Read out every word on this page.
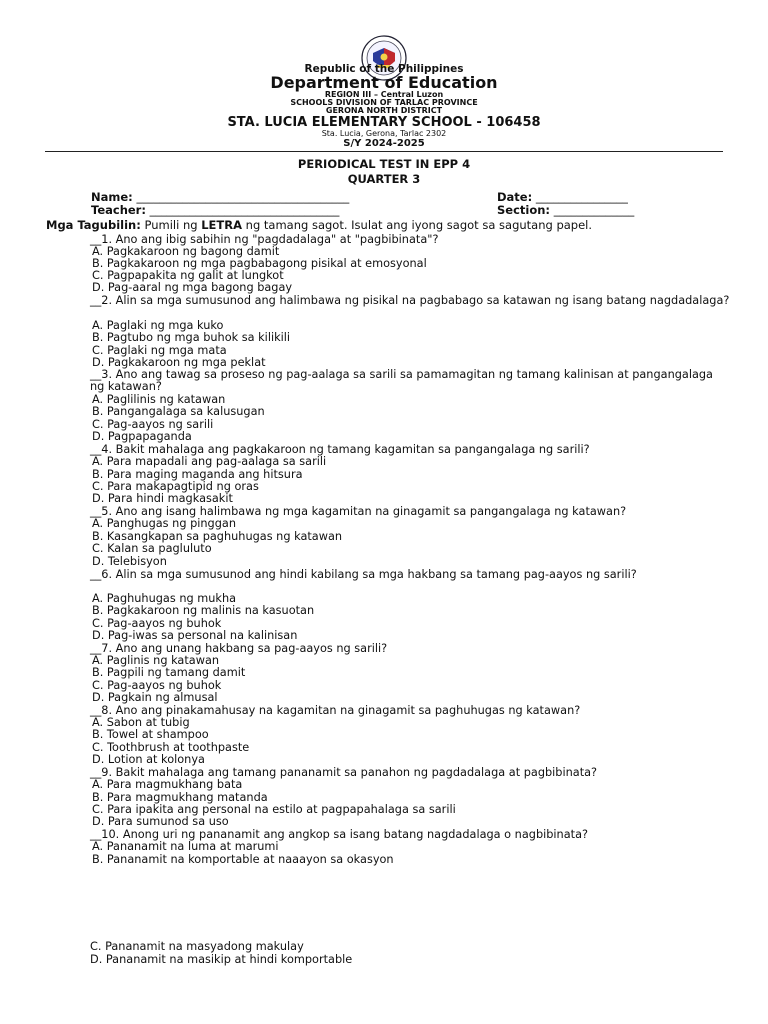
Republic of the Philippines
Department of Education
REGION III – Central Luzon
SCHOOLS DIVISION OF TARLAC PROVINCE
GERONA NORTH DISTRICT
STA. LUCIA ELEMENTARY SCHOOL - 106458
Sta. Lucia, Gerona, Tarlac 2302
S/Y 2024-2025
PERIODICAL TEST IN EPP 4
QUARTER 3
Name: _____________________________________	Date: ________________
Teacher: _________________________________	Section: ______________
Mga Tagubilin: Pumili ng LETRA ng tamang sagot. Isulat ang iyong sagot sa sagutang papel.
__1. Ano ang ibig sabihin ng "pagdadalaga" at "pagbibinata"?
A. Pagkakaroon ng bagong damit
B. Pagkakaroon ng mga pagbabagong pisikal at emosyonal
C. Pagpapakita ng galit at lungkot
D. Pag-aaral ng mga bagong bagay
__2. Alin sa mga sumusunod ang halimbawa ng pisikal na pagbabago sa katawan ng isang batang nagdadalaga?
A. Paglaki ng mga kuko
B. Pagtubo ng mga buhok sa kilikili
C. Paglaki ng mga mata
D. Pagkakaroon ng mga peklat
__3. Ano ang tawag sa proseso ng pag-aalaga sa sarili sa pamamagitan ng tamang kalinisan at pangangalaga ng katawan?
A. Paglilinis ng katawan
B. Pangangalaga sa kalusugan
C. Pag-aayos ng sarili
D. Pagpapaganda
__4. Bakit mahalaga ang pagkakaroon ng tamang kagamitan sa pangangalaga ng sarili?
A. Para mapadali ang pag-aalaga sa sarili
B. Para maging maganda ang hitsura
C. Para makapagtipid ng oras
D. Para hindi magkasakit
__5. Ano ang isang halimbawa ng mga kagamitan na ginagamit sa pangangalaga ng katawan?
A. Panghugas ng pinggan
B. Kasangkapan sa paghuhugas ng katawan
C. Kalan sa pagluluto
D. Telebisyon
__6. Alin sa mga sumusunod ang hindi kabilang sa mga hakbang sa tamang pag-aayos ng sarili?
A. Paghuhugas ng mukha
B. Pagkakaroon ng malinis na kasuotan
C. Pag-aayos ng buhok
D. Pag-iwas sa personal na kalinisan
__7. Ano ang unang hakbang sa pag-aayos ng sarili?
A. Paglinis ng katawan
B. Pagpili ng tamang damit
C. Pag-aayos ng buhok
D. Pagkain ng almusal
__8. Ano ang pinakamahusay na kagamitan na ginagamit sa paghuhugas ng katawan?
A. Sabon at tubig
B. Towel at shampoo
C. Toothbrush at toothpaste
D. Lotion at kolonya
__9. Bakit mahalaga ang tamang pananamit sa panahon ng pagdadalaga at pagbibinata?
A. Para magmukhang bata
B. Para magmukhang matanda
C. Para ipakita ang personal na estilo at pagpapahalaga sa sarili
D. Para sumunod sa uso
__10. Anong uri ng pananamit ang angkop sa isang batang nagdadalaga o nagbibinata?
A. Pananamit na luma at marumi
B. Pananamit na komportable at naaayon sa okasyon
C. Pananamit na masyadong makulay
D. Pananamit na masikip at hindi komportable
